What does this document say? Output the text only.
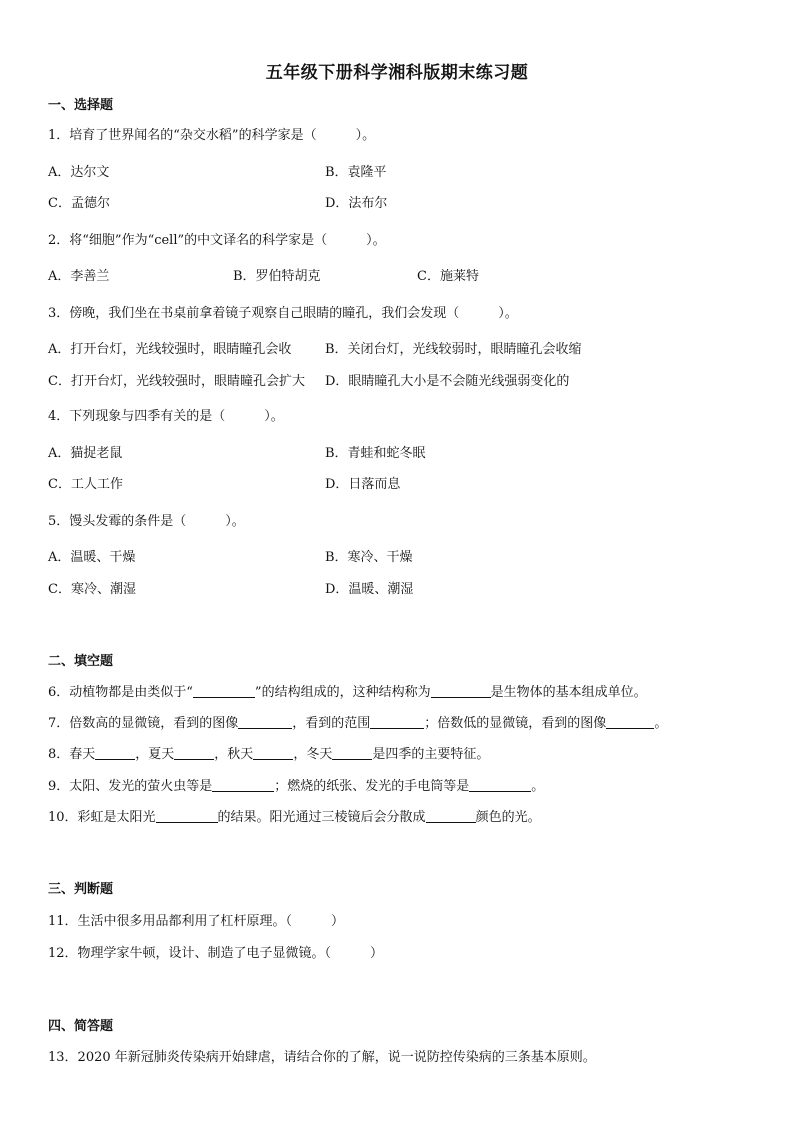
五年级下册科学湘科版期末练习题
一、选择题
1．培育了世界闻名的“杂交水稻”的科学家是（　　　）。
A．达尔文	B．袁隆平
C．孟德尔	D．法布尔
2．将“细胞”作为“cell”的中文译名的科学家是（　　　）。
A．李善兰	B．罗伯特胡克	C．施莱特
3．傍晚，我们坐在书桌前拿着镜子观察自己眼睛的瞳孔，我们会发现（　　　）。
A．打开台灯，光线较强时，眼睛瞳孔会收	B．关闭台灯，光线较弱时，眼睛瞳孔会收缩
C．打开台灯，光线较强时，眼睛瞳孔会扩大 D．眼睛瞳孔大小是不会随光线强弱变化的
4．下列现象与四季有关的是（　　　）。
A．猫捉老鼠	B．青蛙和蛇冬眠
C．工人工作	D．日落而息
5．馒头发霉的条件是（　　　）。
A．温暖、干燥	B．寒冷、干燥
C．寒冷、潮湿	D．温暖、潮湿
二、填空题
6．动植物都是由类似于“	”的结构组成的，这种结构称为	是生物体的基本组成单位。
7．倍数高的显微镜，看到的图像	，看到的范围	；倍数低的显微镜，看到的图像	。
8．春天	，夏天	，秋天	，冬天	是四季的主要特征。
9．太阳、发光的萤火虫等是	；燃烧的纸张、发光的手电筒等是	。
10．彩虹是太阳光	的结果。阳光通过三棱镜后会分散成	颜色的光。
三、判断题
11．生活中很多用品都利用了杠杆原理。（　　　）
12．物理学家牛顿，设计、制造了电子显微镜。（　　　）
四、简答题
13．2020 年新冠肺炎传染病开始肆虐，请结合你的了解，说一说防控传染病的三条基本原则。
